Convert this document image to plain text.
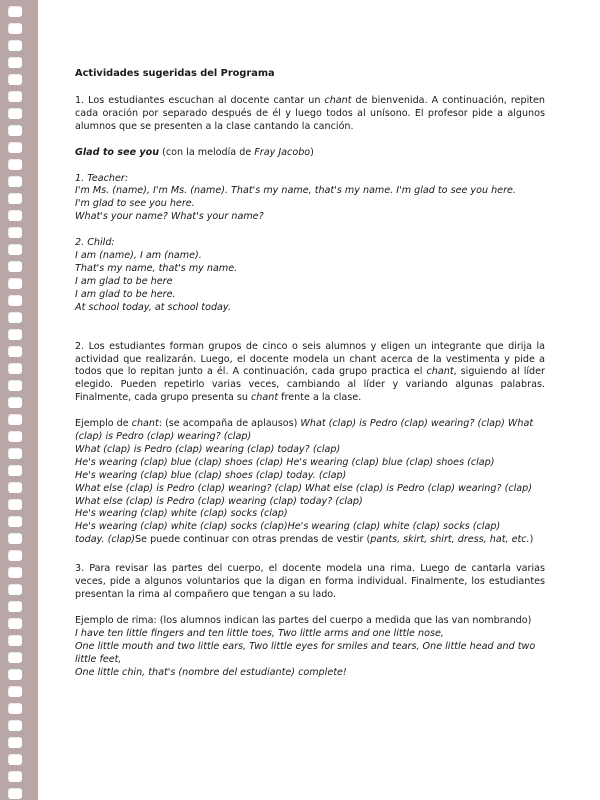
Actividades sugeridas del Programa

1. Los estudiantes escuchan al docente cantar un chant de bienvenida. A continuación, repiten cada oración por separado después de él y luego todos al unísono. El profesor pide a algunos alumnos que se presenten a la clase cantando la canción.

Glad to see you (con la melodía de Fray Jacobo)

1. Teacher:
I'm Ms. (name), I'm Ms. (name). That's my name, that's my name. I'm glad to see you here.
I'm glad to see you here.
What's your name? What's your name?
2. Child:
I am (name), I am (name).
That's my name, that's my name.
I am glad to be here
I am glad to be here.
At school today, at school today.

2. Los estudiantes forman grupos de cinco o seis alumnos y eligen un integrante que dirija la actividad que realizarán. Luego, el docente modela un chant acerca de la vestimenta y pide a todos que lo repitan junto a él. A continuación, cada grupo practica el chant, siguiendo al líder elegido. Pueden repetirlo varias veces, cambiando al líder y variando algunas palabras. Finalmente, cada grupo presenta su chant frente a la clase.

Ejemplo de chant: (se acompaña de aplausos) What (clap) is Pedro (clap) wearing? (clap) What (clap) is Pedro (clap) wearing? (clap)
What (clap) is Pedro (clap) wearing (clap) today? (clap)
He's wearing (clap) blue (clap) shoes (clap) He's wearing (clap) blue (clap) shoes (clap)
He's wearing (clap) blue (clap) shoes (clap) today. (clap)
What else (clap) is Pedro (clap) wearing? (clap) What else (clap) is Pedro (clap) wearing? (clap)
What else (clap) is Pedro (clap) wearing (clap) today? (clap)
He's wearing (clap) white (clap) socks (clap)
He's wearing (clap) white (clap) socks (clap)He's wearing (clap) white (clap) socks (clap)
today. (clap)Se puede continuar con otras prendas de vestir (pants, skirt, shirt, dress, hat, etc.)

3. Para revisar las partes del cuerpo, el docente modela una rima. Luego de cantarla varias veces, pide a algunos voluntarios que la digan en forma individual. Finalmente, los estudiantes presentan la rima al compañero que tengan a su lado.

Ejemplo de rima: (los alumnos indican las partes del cuerpo a medida que las van nombrando)

I have ten little fingers and ten little toes, Two little arms and one little nose,
One little mouth and two little ears, Two little eyes for smiles and tears, One little head and two little feet,
One little chin, that's (nombre del estudiante) complete!
